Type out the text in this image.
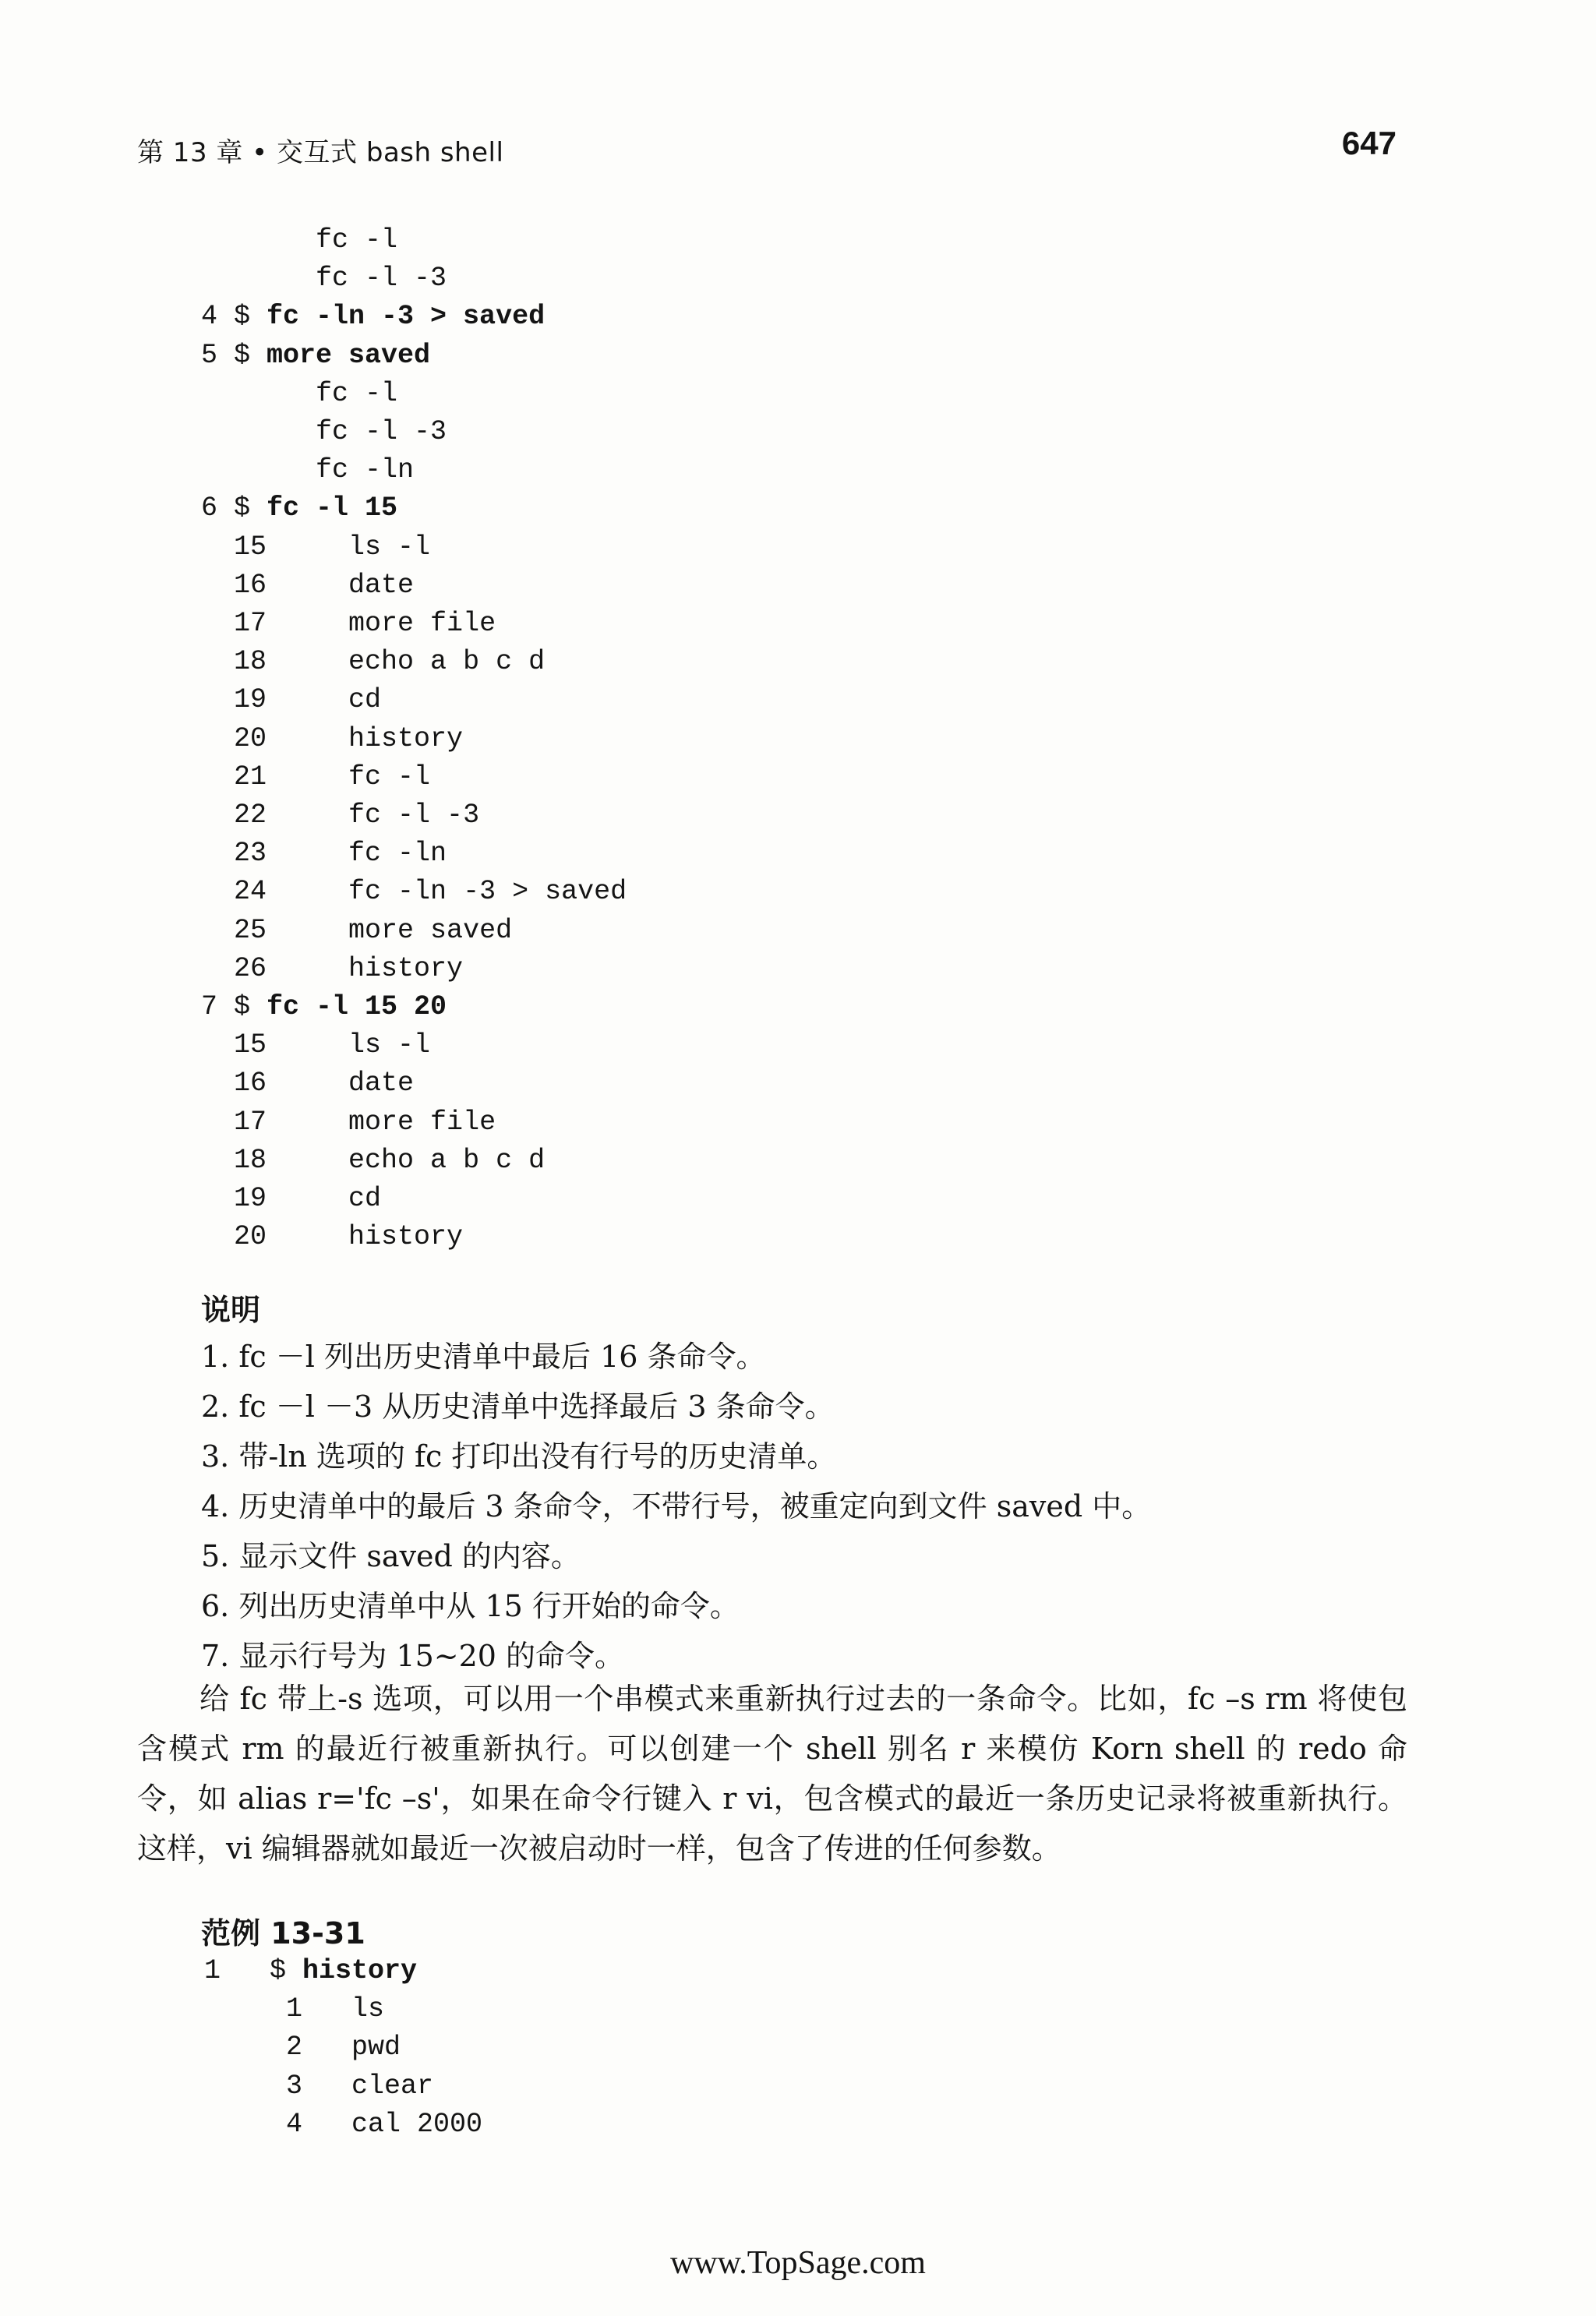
第 13 章 • 交互式 bash shell	647
fc -l
fc -l -3
4 $ fc -ln -3 > saved
5 $ more saved
fc -l
fc -l -3
fc -ln
6 $ fc -l 15
15     ls -l
16     date
17     more file
18     echo a b c d
19     cd
20     history
21     fc -l
22     fc -l -3
23     fc -ln
24     fc -ln -3 > saved
25     more saved
26     history
7 $ fc -l 15 20
15     ls -l
16     date
17     more file
18     echo a b c d
19     cd
20     history
说明
1. fc －l 列出历史清单中最后 16 条命令。
2. fc －l －3 从历史清单中选择最后 3 条命令。
3. 带-ln 选项的 fc 打印出没有行号的历史清单。
4. 历史清单中的最后 3 条命令，不带行号，被重定向到文件 saved 中。
5. 显示文件 saved 的内容。
6. 列出历史清单中从 15 行开始的命令。
7. 显示行号为 15~20 的命令。
给 fc 带上-s 选项，可以用一个串模式来重新执行过去的一条命令。比如，fc –s rm 将使包含模式 rm 的最近行被重新执行。可以创建一个 shell 别名 r 来模仿 Korn shell 的 redo 命令，如 alias r='fc –s'，如果在命令行键入 r vi，包含模式的最近一条历史记录将被重新执行。这样，vi 编辑器就如最近一次被启动时一样，包含了传进的任何参数。
范例 13-31
1   $ history
1   ls
2   pwd
3   clear
4   cal 2000
www.TopSage.com
